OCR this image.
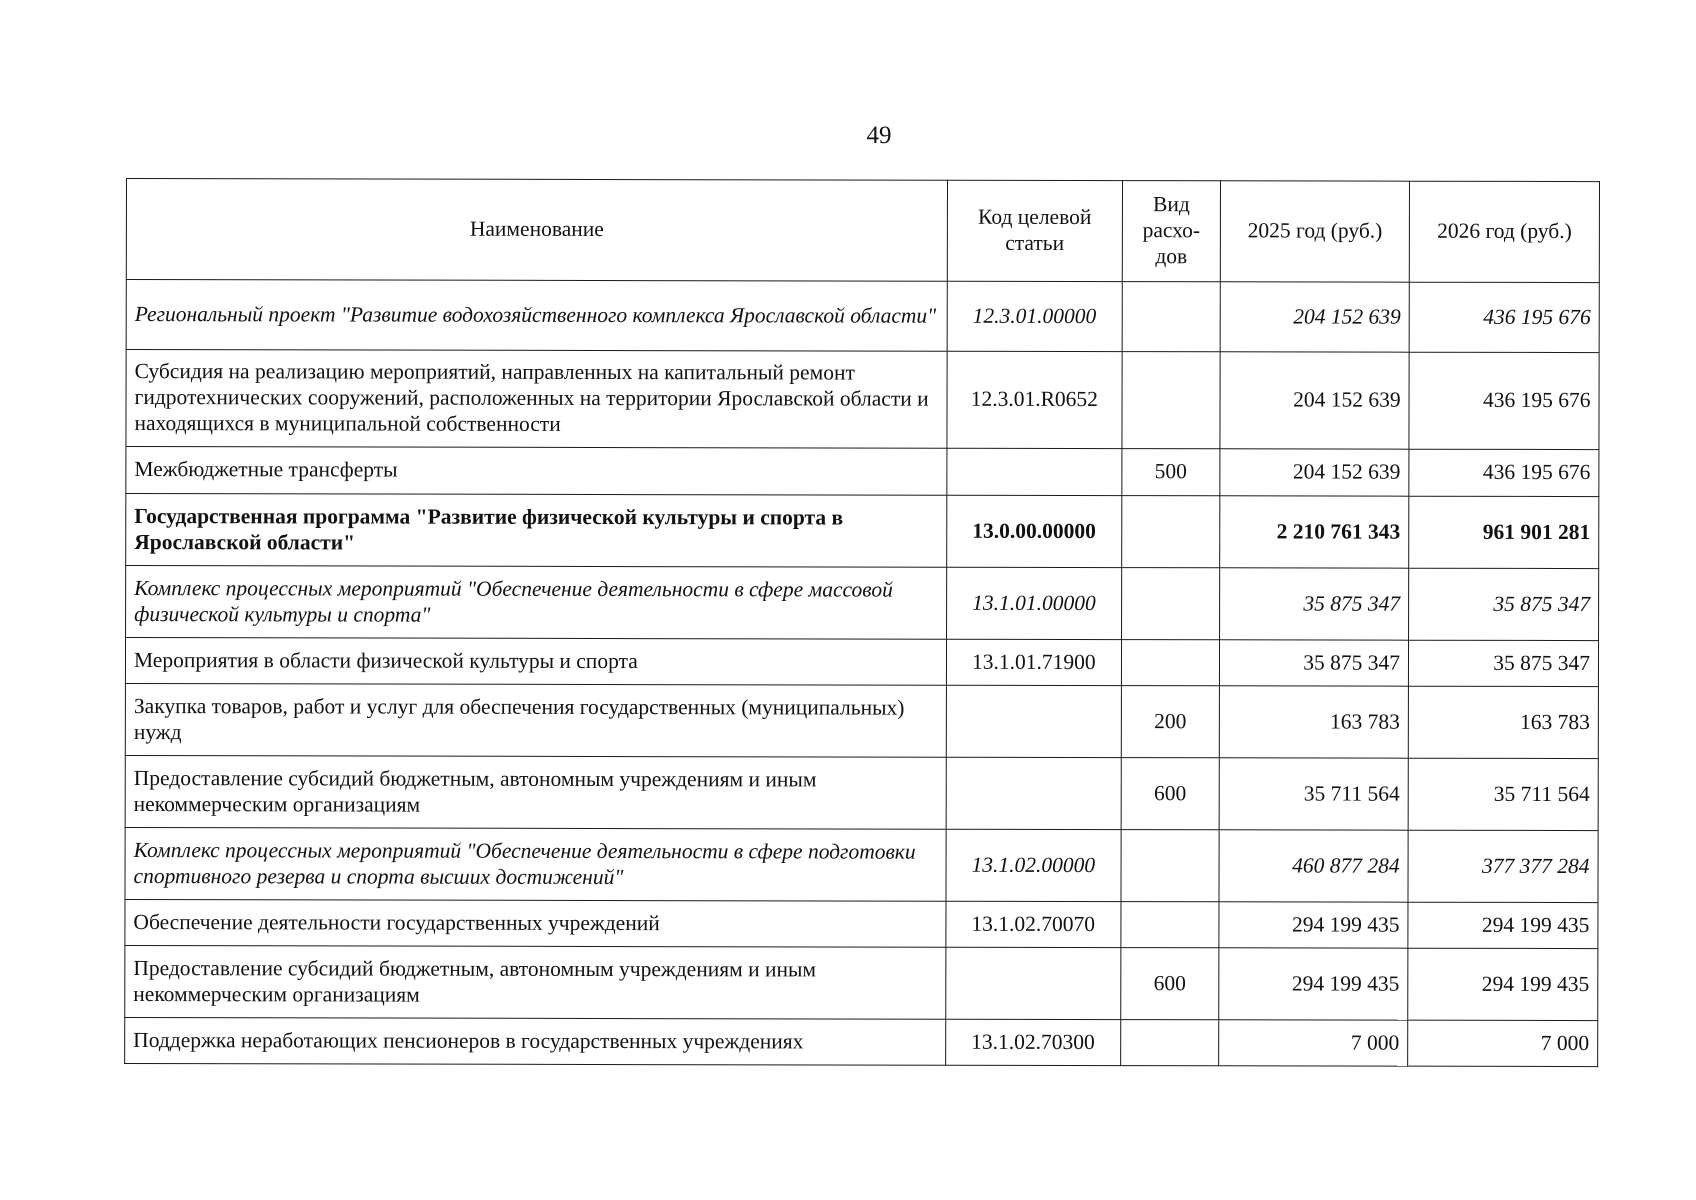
49
Наименование	Код целевой статьи	Вид расхо- дов	2025 год (руб.)	2026 год (руб.)
Региональный проект "Развитие водохозяйственного комплекса Ярославской области"	12.3.01.00000		204 152 639	436 195 676
Субсидия на реализацию мероприятий, направленных на капитальный ремонт гидротехнических сооружений, расположенных на территории Ярославской области и находящихся в муниципальной собственности	12.3.01.R0652		204 152 639	436 195 676
Межбюджетные трансферты		500	204 152 639	436 195 676
Государственная программа "Развитие физической культуры и спорта в Ярославской области"	13.0.00.00000		2 210 761 343	961 901 281
Комплекс процессных мероприятий "Обеспечение деятельности в сфере массовой физической культуры и спорта"	13.1.01.00000		35 875 347	35 875 347
Мероприятия в области физической культуры и спорта	13.1.01.71900		35 875 347	35 875 347
Закупка товаров, работ и услуг для обеспечения государственных (муниципальных) нужд		200	163 783	163 783
Предоставление субсидий бюджетным, автономным учреждениям и иным некоммерческим организациям		600	35 711 564	35 711 564
Комплекс процессных мероприятий "Обеспечение деятельности в сфере подготовки спортивного резерва и спорта высших достижений"	13.1.02.00000		460 877 284	377 377 284
Обеспечение деятельности государственных учреждений	13.1.02.70070		294 199 435	294 199 435
Предоставление субсидий бюджетным, автономным учреждениям и иным некоммерческим организациям		600	294 199 435	294 199 435
Поддержка неработающих пенсионеров в государственных учреждениях	13.1.02.70300		7 000	7 000
